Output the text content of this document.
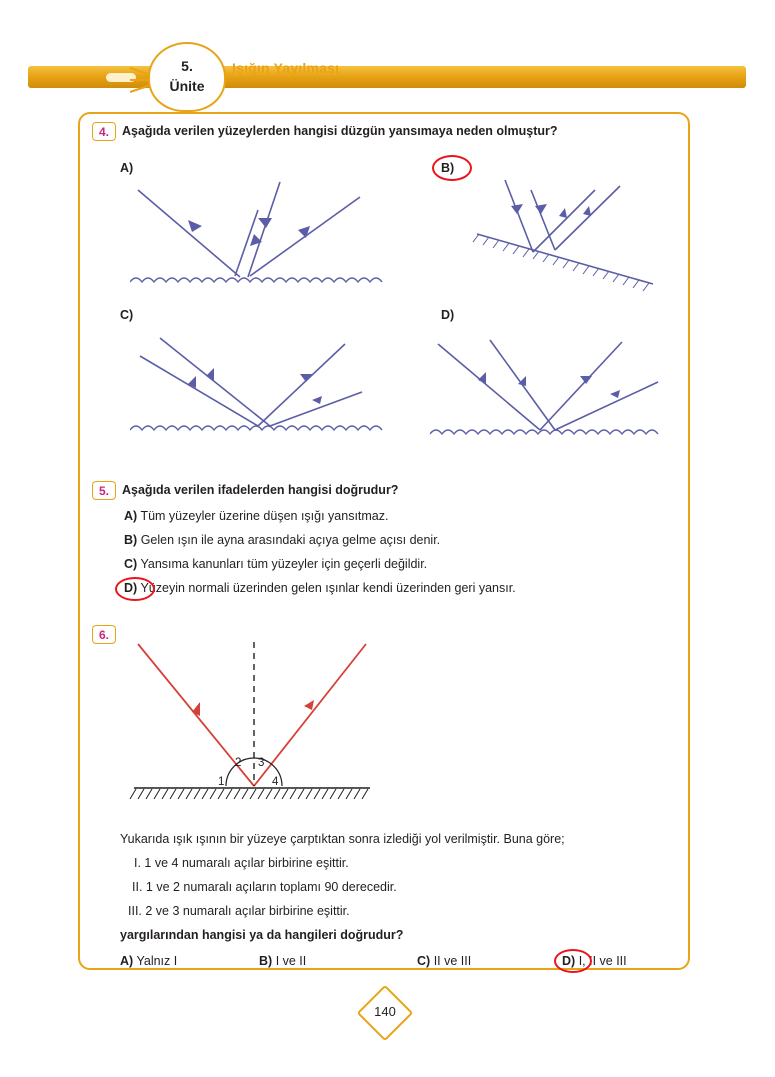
5.
Ünite
Işığın Yayılması
4.	Aşağıda verilen yüzeylerden hangisi düzgün yansımaya neden olmuştur?
A)	B)
C)	D)
5.	Aşağıda verilen ifadelerden hangisi doğrudur?
A) Tüm yüzeyler üzerine düşen ışığı yansıtmaz.
B) Gelen ışın ile ayna arasındaki açıya gelme açısı denir.
C) Yansıma kanunları tüm yüzeyler için geçerli değildir.
D) Yüzeyin normali üzerinden gelen ışınlar kendi üzerinden geri yansır.
6.
2 3
1	4
Yukarıda ışık ışının bir yüzeye çarptıktan sonra izlediği yol verilmiştir. Buna göre;
I. 1 ve 4 numaralı açılar birbirine eşittir.
II. 1 ve 2 numaralı açıların toplamı 90 derecedir.
III. 2 ve 3 numaralı açılar birbirine eşittir.
yargılarından hangisi ya da hangileri doğrudur?
A) Yalnız I	B) I ve II	C) II ve III	D) I, II ve III
140
